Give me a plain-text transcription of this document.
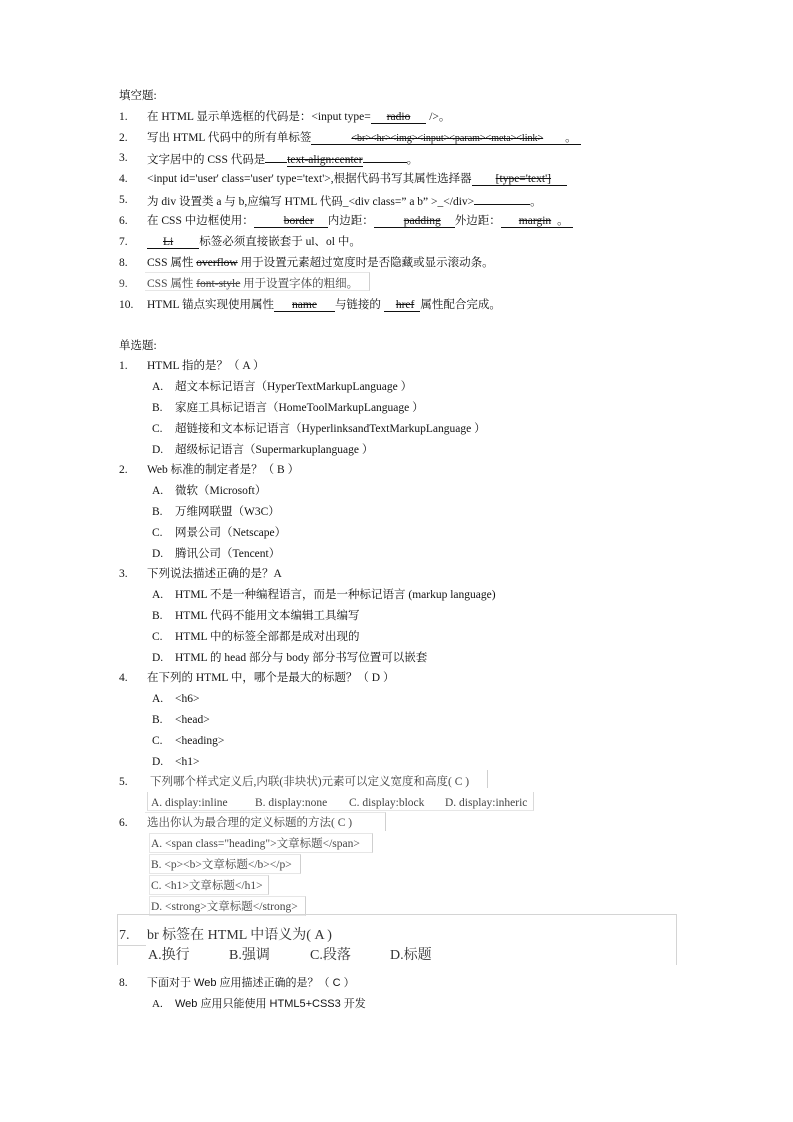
填空题:
1. 在 HTML 显示单选框的代码是：<input type= radio />。
2. 写出 HTML 代码中的所有单标签	<br><hr><img><input><param><meta><link> 。
3. 文字居中的 CSS 代码是 text-align:center	。
4. <input id='user' class='user' type='text'>,根据代码书写其属性选择器 [type='text']
5. 为 div 设置类 a 与 b,应编写 HTML 代码_<div class=” a b” >_</div>	。
6. 在 CSS 中边框使用：	border 内边距：	padding 外边距： margin 。
7.	Li 标签必须直接嵌套于 ul、ol 中。
8. CSS 属性 overflow 用于设置元素超过宽度时是否隐藏或显示滚动条。
9. CSS 属性 font-style 用于设置字体的粗细。
10. HTML 锚点实现使用属性 name 与链接的 href 属性配合完成。
单选题:
1. HTML 指的是？（ A ）
A. 超文本标记语言（HyperTextMarkupLanguage ）
B. 家庭工具标记语言（HomeToolMarkupLanguage ）
C. 超链接和文本标记语言（HyperlinksandTextMarkupLanguage ）
D. 超级标记语言（Supermarkuplanguage ）
2. Web 标准的制定者是？（ B ）
A. 微软（Microsoft）
B. 万维网联盟（W3C）
C. 网景公司（Netscape）
D. 腾讯公司（Tencent）
3. 下列说法描述正确的是？A
A. HTML 不是一种编程语言，而是一种标记语言 (markup language)
B. HTML 代码不能用文本编辑工具编写
C. HTML 中的标签全部都是成对出现的
D. HTML 的 head 部分与 body 部分书写位置可以嵌套
4. 在下列的 HTML 中，哪个是最大的标题？（ D ）
A. <h6>
B. <head>
C. <heading>
D. <h1>
5. 下列哪个样式定义后,内联(非块状)元素可以定义宽度和高度( C )
A. display:inline B. display:none C. display:block D. display:inheric
6. 选出你认为最合理的定义标题的方法( C )
A. <span class="heading">文章标题</span>
B. <p><b>文章标题</b></p>
C. <h1>文章标题</h1>
D. <strong>文章标题</strong>
7. br 标签在 HTML 中语义为( A )
A.换行	B.强调	C.段落	D.标题
8. 下面对于 Web 应用描述正确的是？（ C ）
A. Web 应用只能使用 HTML5+CSS3 开发
